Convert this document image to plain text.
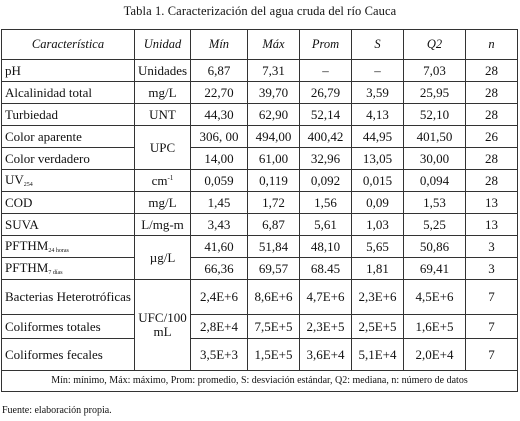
Tabla 1. Caracterización del agua cruda del río Cauca
Característica	Unidad	Mín	Máx	Prom	S	Q2	n
pH	Unidades	6,87	7,31	–	–	7,03	28
Alcalinidad total	mg/L	22,70	39,70	26,79	3,59	25,95	28
Turbiedad	UNT	44,30	62,90	52,14	4,13	52,10	28
Color aparente	UPC	306, 00	494,00	400,42	44,95	401,50	26
Color verdadero		14,00	61,00	32,96	13,05	30,00	28
$UV_{254}$	$cm^{-1}$	0,059	0,119	0,092	0,015	0,094	28
COD	mg/L	1,45	1,72	1,56	0,09	1,53	13
SUVA	L/mg-m	3,43	6,87	5,61	1,03	5,25	13
$PFTHM_{24 horas}$	µg/L	41,60	51,84	48,10	5,65	50,86	3
$PFTHM_{7 días}$		66,36	69,57	68.45	1,81	69,41	3
Bacterias Heterotróficas	UFC/100 mL	2,4E+6	8,6E+6	4,7E+6	2,3E+6	4,5E+6	7
Coliformes totales		2,8E+4	7,5E+5	2,3E+5	2,5E+5	1,6E+5	7
Coliformes fecales		3,5E+3	1,5E+5	3,6E+4	5,1E+4	2,0E+4	7
Mín: mínimo, Máx: máximo, Prom: promedio, S: desviación estándar, Q2: mediana, n: número de datos							
Fuente: elaboración propia.
